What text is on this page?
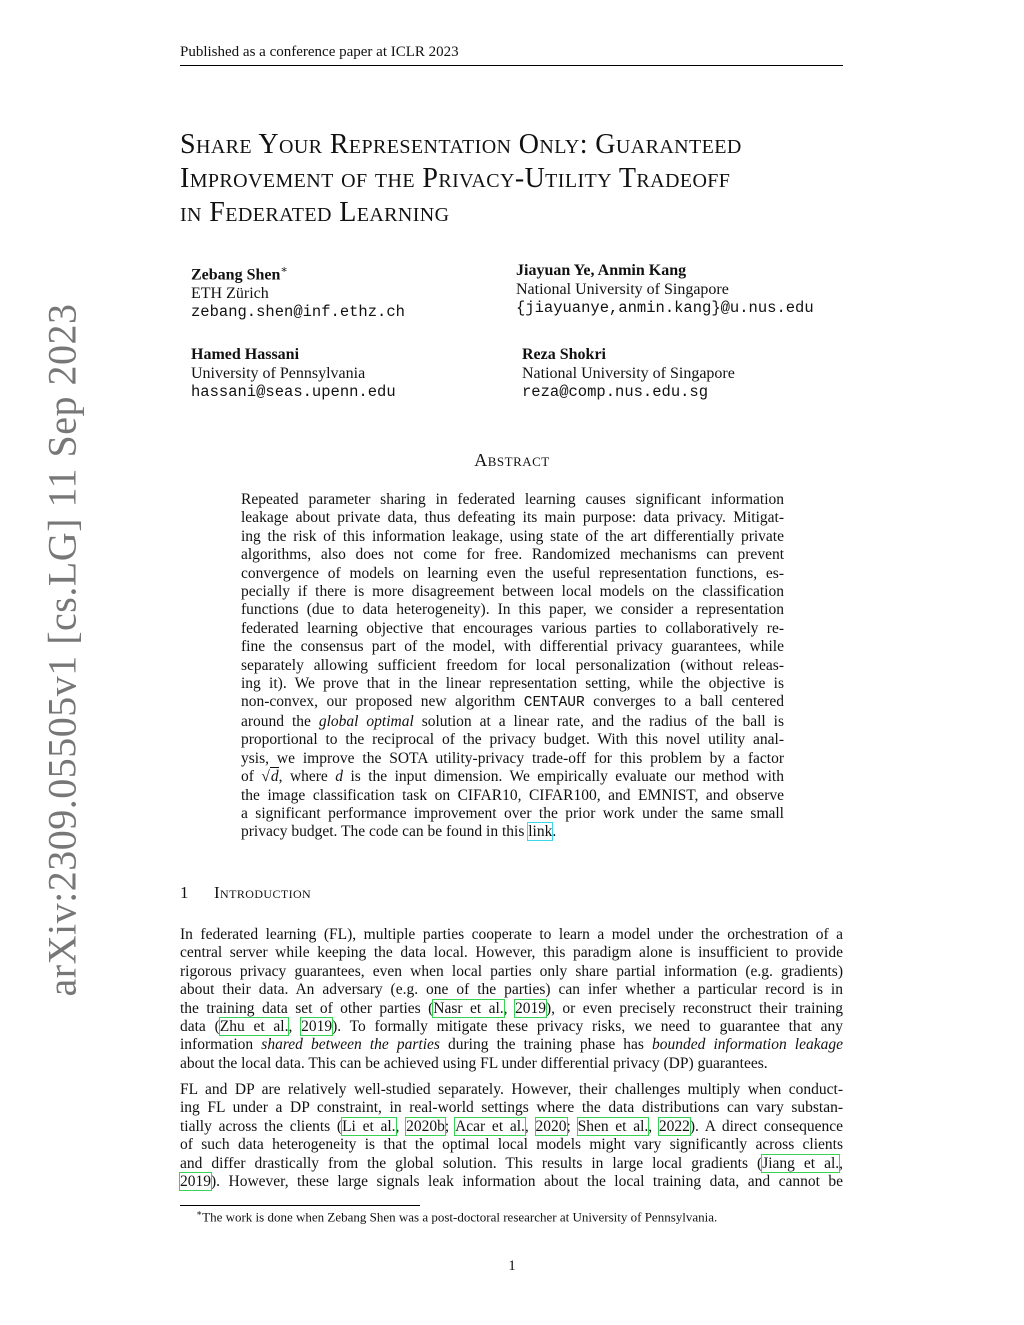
Published as a conference paper at ICLR 2023
arXiv:2309.05505v1 [cs.LG] 11 Sep 2023
Share Your Representation Only: Guaranteed
Improvement of the Privacy-Utility Tradeoff
in Federated Learning
Zebang Shen∗
ETH Zürich
zebang.shen@inf.ethz.ch
Jiayuan Ye, Anmin Kang
National University of Singapore
{jiayuanye,anmin.kang}@u.nus.edu
Hamed Hassani
University of Pennsylvania
hassani@seas.upenn.edu
Reza Shokri
National University of Singapore
reza@comp.nus.edu.sg
Abstract
Repeated parameter sharing in federated learning causes significant information
leakage about private data, thus defeating its main purpose: data privacy. Mitigat-
ing the risk of this information leakage, using state of the art differentially private
algorithms, also does not come for free. Randomized mechanisms can prevent
convergence of models on learning even the useful representation functions, es-
pecially if there is more disagreement between local models on the classification
functions (due to data heterogeneity). In this paper, we consider a representation
federated learning objective that encourages various parties to collaboratively re-
fine the consensus part of the model, with differential privacy guarantees, while
separately allowing sufficient freedom for local personalization (without releas-
ing it). We prove that in the linear representation setting, while the objective is
non-convex, our proposed new algorithm CENTAUR converges to a ball centered
around the global optimal solution at a linear rate, and the radius of the ball is
proportional to the reciprocal of the privacy budget. With this novel utility anal-
ysis, we improve the SOTA utility-privacy trade-off for this problem by a factor
of √d, where d is the input dimension. We empirically evaluate our method with
the image classification task on CIFAR10, CIFAR100, and EMNIST, and observe
a significant performance improvement over the prior work under the same small
privacy budget. The code can be found in this link.
1 Introduction
In federated learning (FL), multiple parties cooperate to learn a model under the orchestration of a
central server while keeping the data local. However, this paradigm alone is insufficient to provide
rigorous privacy guarantees, even when local parties only share partial information (e.g. gradients)
about their data. An adversary (e.g. one of the parties) can infer whether a particular record is in
the training data set of other parties (Nasr et al., 2019), or even precisely reconstruct their training
data (Zhu et al., 2019). To formally mitigate these privacy risks, we need to guarantee that any
information shared between the parties during the training phase has bounded information leakage
about the local data. This can be achieved using FL under differential privacy (DP) guarantees.
FL and DP are relatively well-studied separately. However, their challenges multiply when conduct-
ing FL under a DP constraint, in real-world settings where the data distributions can vary substan-
tially across the clients (Li et al., 2020b; Acar et al., 2020; Shen et al., 2022). A direct consequence
of such data heterogeneity is that the optimal local models might vary significantly across clients
and differ drastically from the global solution. This results in large local gradients (Jiang et al.,
2019). However, these large signals leak information about the local training data, and cannot be
∗The work is done when Zebang Shen was a post-doctoral researcher at University of Pennsylvania.
1
